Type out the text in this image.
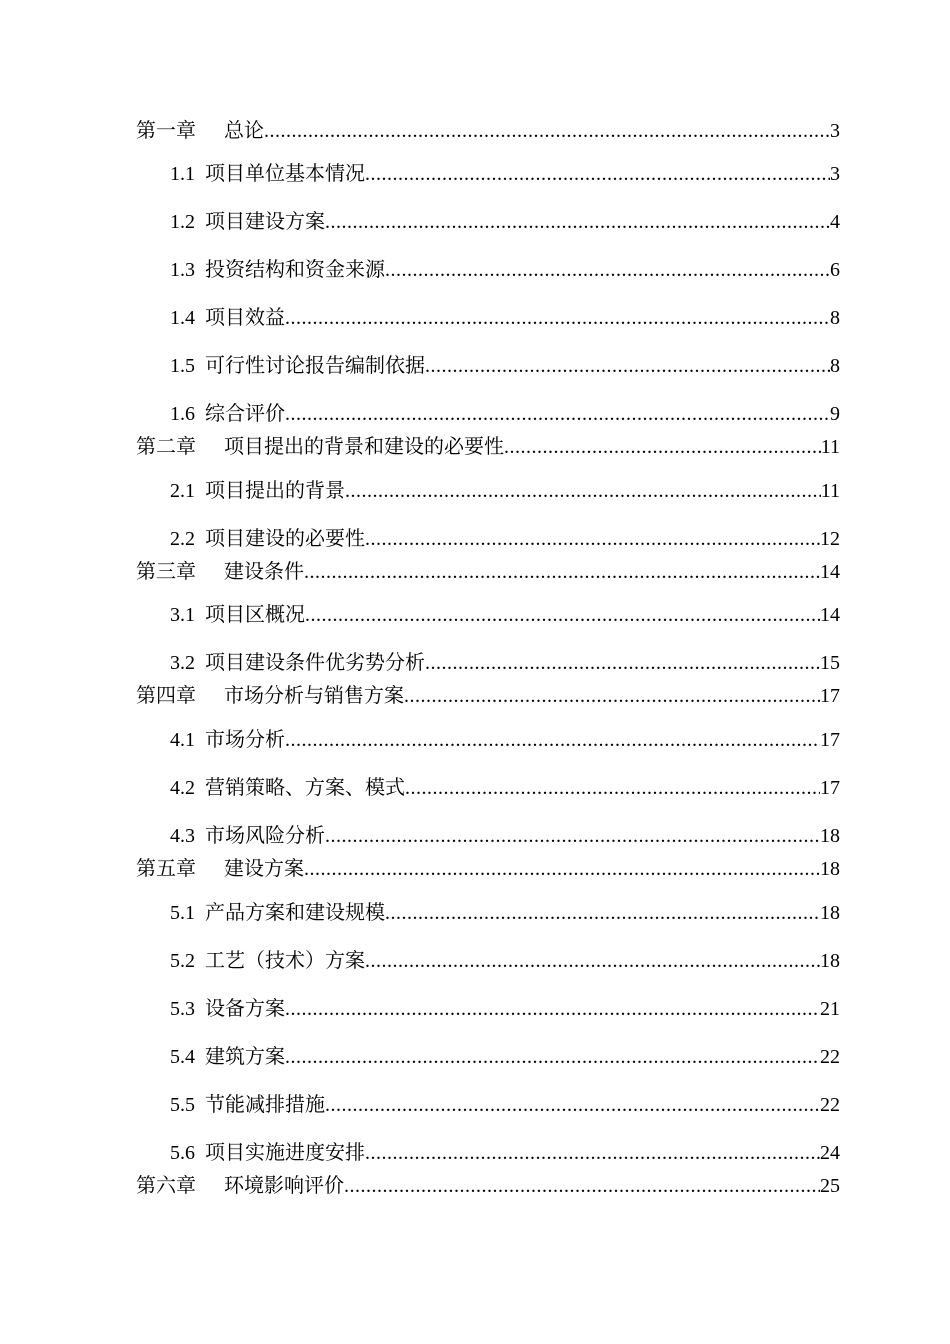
第一章 总论 .....	3
1.1 项目单位基本情况 .....	3
1.2 项目建设方案 .....	4
1.3 投资结构和资金来源 .....	6
1.4 项目效益 .....	8
1.5 可行性讨论报告编制依据 .....	8
1.6 综合评价 .....	9
第二章 项目提出的背景和建设的必要性 .....	11
2.1 项目提出的背景 .....	11
2.2 项目建设的必要性 .....	12
第三章 建设条件 .....	14
3.1 项目区概况 .....	14
3.2 项目建设条件优劣势分析 .....	15
第四章 市场分析与销售方案 .....	17
4.1 市场分析 .....	17
4.2 营销策略、方案、模式 .....	17
4.3 市场风险分析 .....	18
第五章 建设方案 .....	18
5.1 产品方案和建设规模 .....	18
5.2 工艺（技术）方案 .....	18
5.3 设备方案 .....	21
5.4 建筑方案 .....	22
5.5 节能减排措施 .....	22
5.6 项目实施进度安排 .....	24
第六章 环境影响评价 .....	25
